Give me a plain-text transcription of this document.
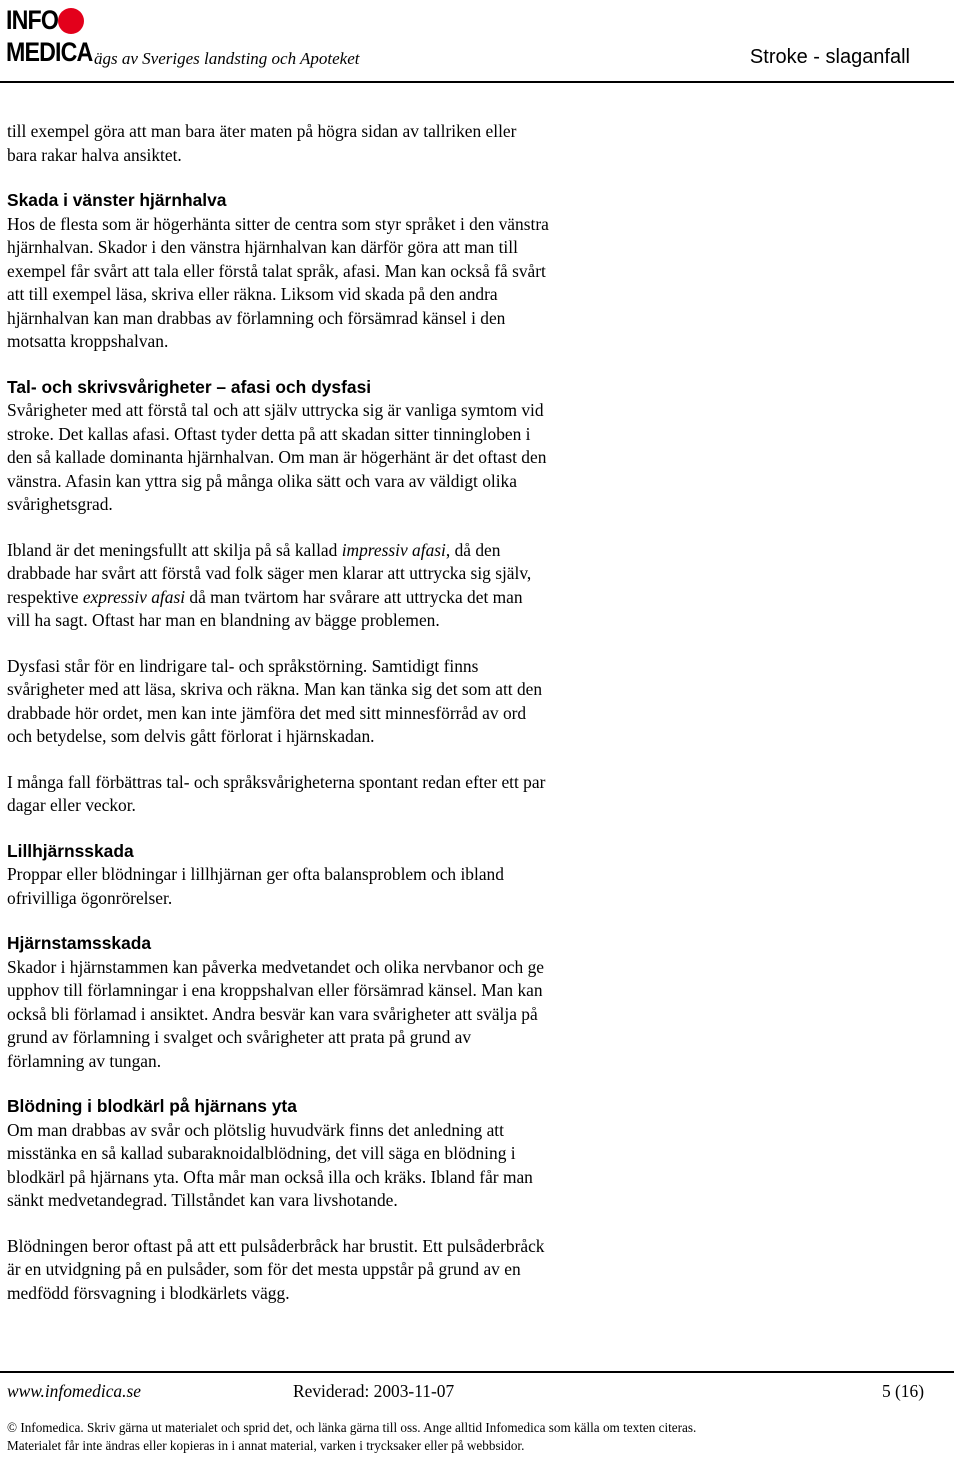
INFO
MEDICA ägs av Sveriges landsting och Apoteket	Stroke - slaganfall
till exempel göra att man bara äter maten på högra sidan av tallriken eller
bara rakar halva ansiktet.
Skada i vänster hjärnhalva
Hos de flesta som är högerhänta sitter de centra som styr språket i den vänstra
hjärnhalvan. Skador i den vänstra hjärnhalvan kan därför göra att man till
exempel får svårt att tala eller förstå talat språk, afasi. Man kan också få svårt
att till exempel läsa, skriva eller räkna. Liksom vid skada på den andra
hjärnhalvan kan man drabbas av förlamning och försämrad känsel i den
motsatta kroppshalvan.
Tal- och skrivsvårigheter – afasi och dysfasi
Svårigheter med att förstå tal och att själv uttrycka sig är vanliga symtom vid
stroke. Det kallas afasi. Oftast tyder detta på att skadan sitter tinningloben i
den så kallade dominanta hjärnhalvan. Om man är högerhänt är det oftast den
vänstra. Afasin kan yttra sig på många olika sätt och vara av väldigt olika
svårighetsgrad.
Ibland är det meningsfullt att skilja på så kallad impressiv afasi, då den
drabbade har svårt att förstå vad folk säger men klarar att uttrycka sig själv,
respektive expressiv afasi då man tvärtom har svårare att uttrycka det man
vill ha sagt. Oftast har man en blandning av bägge problemen.
Dysfasi står för en lindrigare tal- och språkstörning. Samtidigt finns
svårigheter med att läsa, skriva och räkna. Man kan tänka sig det som att den
drabbade hör ordet, men kan inte jämföra det med sitt minnesförråd av ord
och betydelse, som delvis gått förlorat i hjärnskadan.
I många fall förbättras tal- och språksvårigheterna spontant redan efter ett par
dagar eller veckor.
Lillhjärnsskada
Proppar eller blödningar i lillhjärnan ger ofta balansproblem och ibland
ofrivilliga ögonrörelser.
Hjärnstamsskada
Skador i hjärnstammen kan påverka medvetandet och olika nervbanor och ge
upphov till förlamningar i ena kroppshalvan eller försämrad känsel. Man kan
också bli förlamad i ansiktet. Andra besvär kan vara svårigheter att svälja på
grund av förlamning i svalget och svårigheter att prata på grund av
förlamning av tungan.
Blödning i blodkärl på hjärnans yta
Om man drabbas av svår och plötslig huvudvärk finns det anledning att
misstänka en så kallad subaraknoidalblödning, det vill säga en blödning i
blodkärl på hjärnans yta. Ofta mår man också illa och kräks. Ibland får man
sänkt medvetandegrad. Tillståndet kan vara livshotande.
Blödningen beror oftast på att ett pulsåderbråck har brustit. Ett pulsåderbråck
är en utvidgning på en pulsåder, som för det mesta uppstår på grund av en
medfödd försvagning i blodkärlets vägg.
www.infomedica.se	Reviderad: 2003-11-07	5 (16)
© Infomedica. Skriv gärna ut materialet och sprid det, och länka gärna till oss. Ange alltid Infomedica som källa om texten citeras.
Materialet får inte ändras eller kopieras in i annat material, varken i trycksaker eller på webbsidor.
